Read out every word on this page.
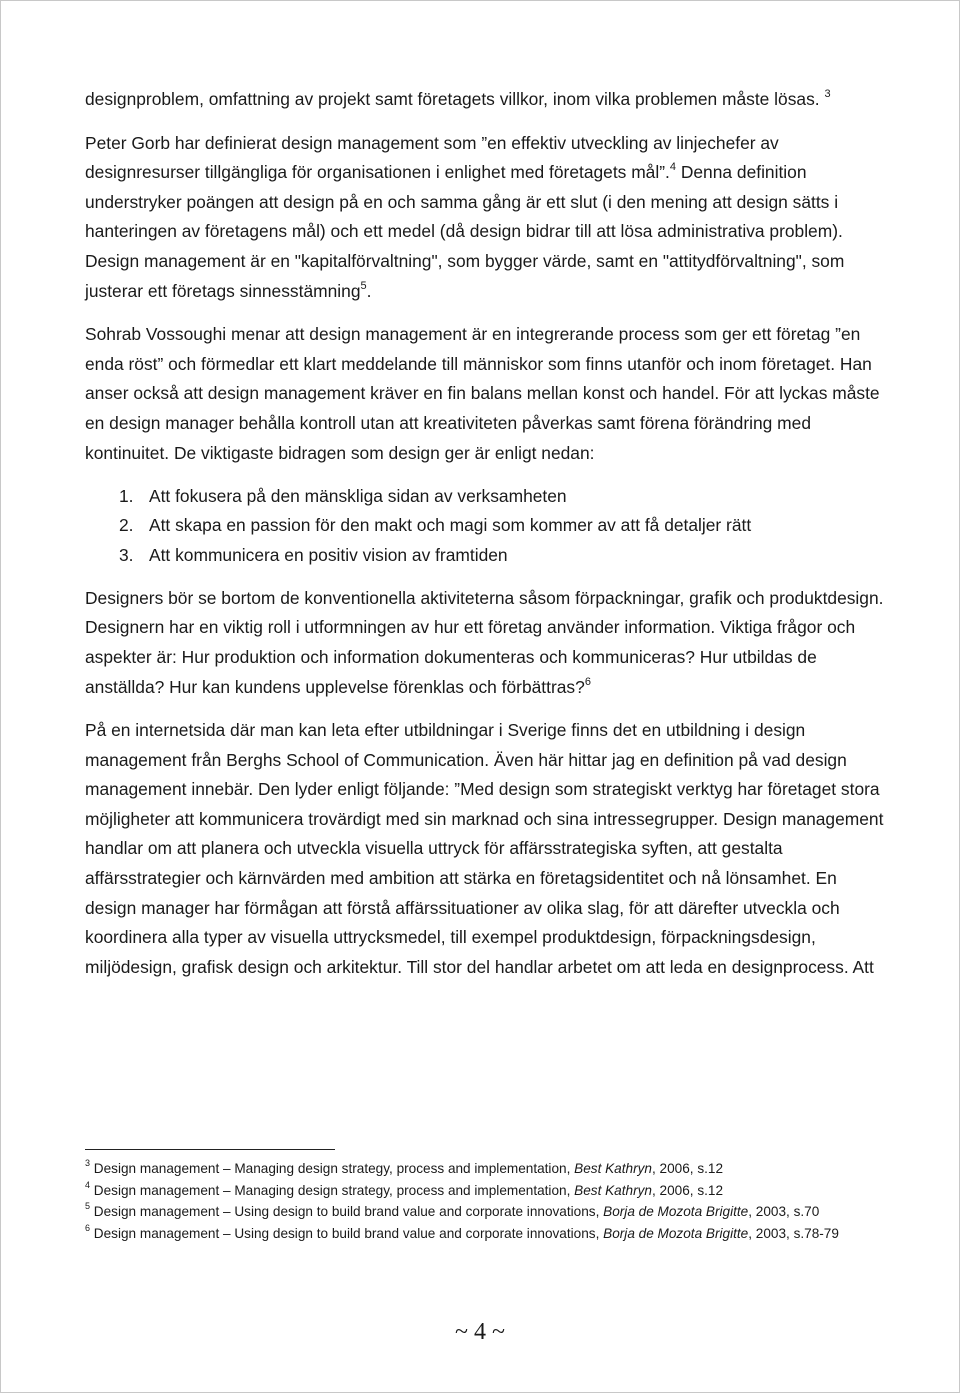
designproblem, omfattning av projekt samt företagets villkor, inom vilka problemen måste lösas. $^3$

Peter Gorb har definierat design management som ”en effektiv utveckling av linjechefer av designresurser tillgängliga för organisationen i enlighet med företagets mål”.$^4$ Denna definition understryker poängen att design på en och samma gång är ett slut (i den mening att design sätts i hanteringen av företagens mål) och ett medel (då design bidrar till att lösa administrativa problem). Design management är en "kapitalförvaltning", som bygger värde, samt en "attitydförvaltning", som justerar ett företags sinnesstämning$^5$.

Sohrab Vossoughi menar att design management är en integrerande process som ger ett företag ”en enda röst” och förmedlar ett klart meddelande till människor som finns utanför och inom företaget. Han anser också att design management kräver en fin balans mellan konst och handel. För att lyckas måste en design manager behålla kontroll utan att kreativiteten påverkas samt förena förändring med kontinuitet. De viktigaste bidragen som design ger är enligt nedan:

1. Att fokusera på den mänskliga sidan av verksamheten
2. Att skapa en passion för den makt och magi som kommer av att få detaljer rätt
3. Att kommunicera en positiv vision av framtiden

Designers bör se bortom de konventionella aktiviteterna såsom förpackningar, grafik och produktdesign. Designern har en viktig roll i utformningen av hur ett företag använder information. Viktiga frågor och aspekter är: Hur produktion och information dokumenteras och kommuniceras? Hur utbildas de anställda? Hur kan kundens upplevelse förenklas och förbättras?$^6$

På en internetsida där man kan leta efter utbildningar i Sverige finns det en utbildning i design management från Berghs School of Communication. Även här hittar jag en definition på vad design management innebär. Den lyder enligt följande: ”Med design som strategiskt verktyg har företaget stora möjligheter att kommunicera trovärdigt med sin marknad och sina intressegrupper. Design management handlar om att planera och utveckla visuella uttryck för affärsstrategiska syften, att gestalta affärsstrategier och kärnvärden med ambition att stärka en företagsidentitet och nå lönsamhet. En design manager har förmågan att förstå affärssituationer av olika slag, för att därefter utveckla och koordinera alla typer av visuella uttrycksmedel, till exempel produktdesign, förpackningsdesign, miljödesign, grafisk design och arkitektur. Till stor del handlar arbetet om att leda en designprocess. Att

$^3$ Design management – Managing design strategy, process and implementation, Best Kathryn, 2006, s.12

$^4$ Design management – Managing design strategy, process and implementation, Best Kathryn, 2006, s.12

$^5$ Design management – Using design to build brand value and corporate innovations, Borja de Mozota Brigitte, 2003, s.70

$^6$ Design management – Using design to build brand value and corporate innovations, Borja de Mozota Brigitte, 2003, s.78-79

~ 4 ~
